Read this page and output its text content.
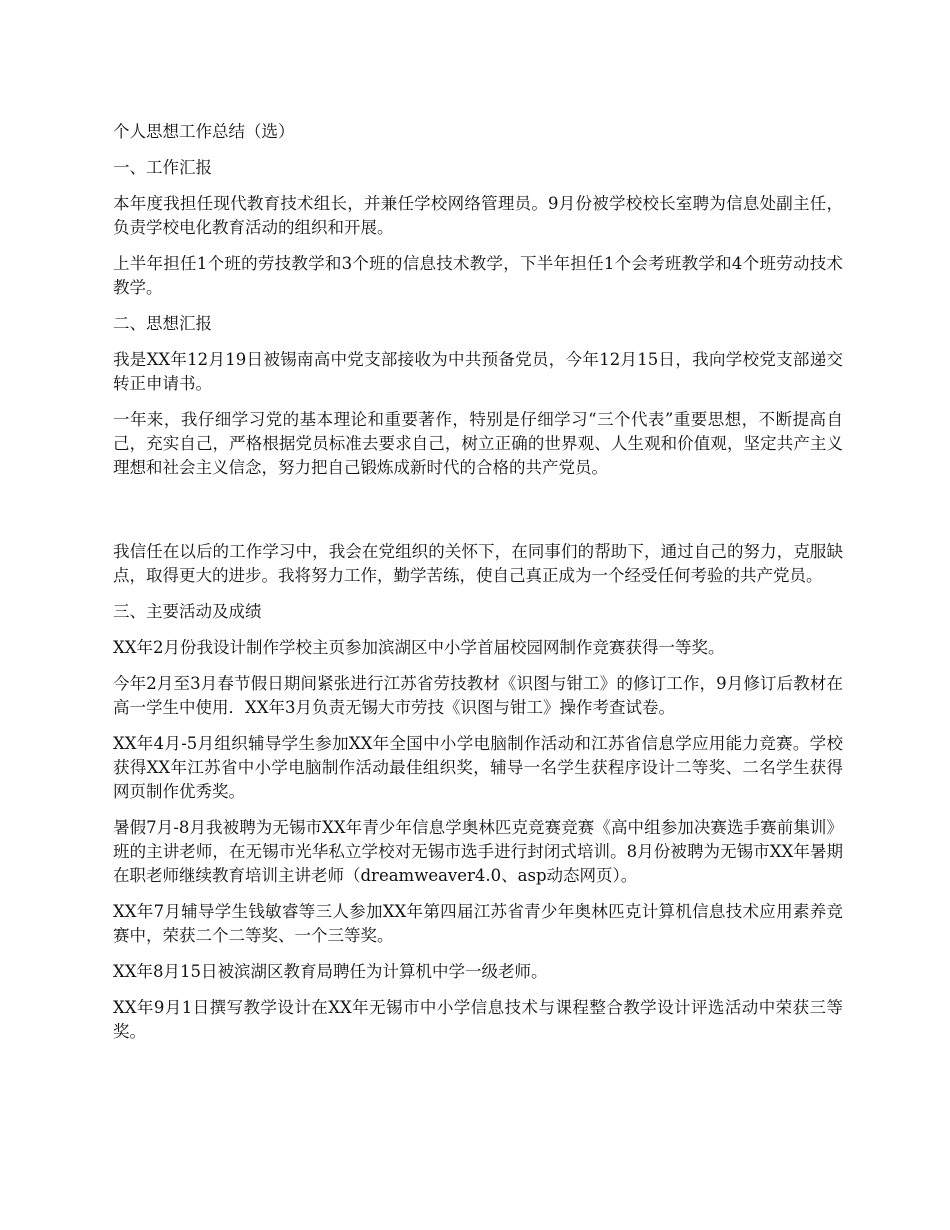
个人思想工作总结（选）

一、工作汇报

本年度我担任现代教育技术组长，并兼任学校网络管理员。9月份被学校校长室聘为信息处副主任，负责学校电化教育活动的组织和开展。

上半年担任1个班的劳技教学和3个班的信息技术教学，下半年担任1个会考班教学和4个班劳动技术教学。

二、思想汇报

我是XX年12月19日被锡南高中党支部接收为中共预备党员，今年12月15日，我向学校党支部递交转正申请书。

一年来，我仔细学习党的基本理论和重要著作，特别是仔细学习“三个代表”重要思想，不断提高自己，充实自己，严格根据党员标准去要求自己，树立正确的世界观、人生观和价值观，坚定共产主义理想和社会主义信念，努力把自己锻炼成新时代的合格的共产党员。

我信任在以后的工作学习中，我会在党组织的关怀下，在同事们的帮助下，通过自己的努力，克服缺点，取得更大的进步。我将努力工作，勤学苦练，使自己真正成为一个经受任何考验的共产党员。

三、主要活动及成绩

XX年2月份我设计制作学校主页参加滨湖区中小学首届校园网制作竞赛获得一等奖。

今年2月至3月春节假日期间紧张进行江苏省劳技教材《识图与钳工》的修订工作，9月修订后教材在高一学生中使用．XX年3月负责无锡大市劳技《识图与钳工》操作考查试卷。

XX年4月-5月组织辅导学生参加XX年全国中小学电脑制作活动和江苏省信息学应用能力竞赛。学校获得XX年江苏省中小学电脑制作活动最佳组织奖，辅导一名学生获程序设计二等奖、二名学生获得网页制作优秀奖。

暑假7月-8月我被聘为无锡市XX年青少年信息学奥林匹克竞赛竞赛《高中组参加决赛选手赛前集训》班的主讲老师，在无锡市光华私立学校对无锡市选手进行封闭式培训。8月份被聘为无锡市XX年暑期在职老师继续教育培训主讲老师（dreamweaver4.0、asp动态网页）。

XX年7月辅导学生钱敏睿等三人参加XX年第四届江苏省青少年奥林匹克计算机信息技术应用素养竞赛中，荣获二个二等奖、一个三等奖。

XX年8月15日被滨湖区教育局聘任为计算机中学一级老师。

XX年9月1日撰写教学设计在XX年无锡市中小学信息技术与课程整合教学设计评选活动中荣获三等奖。
